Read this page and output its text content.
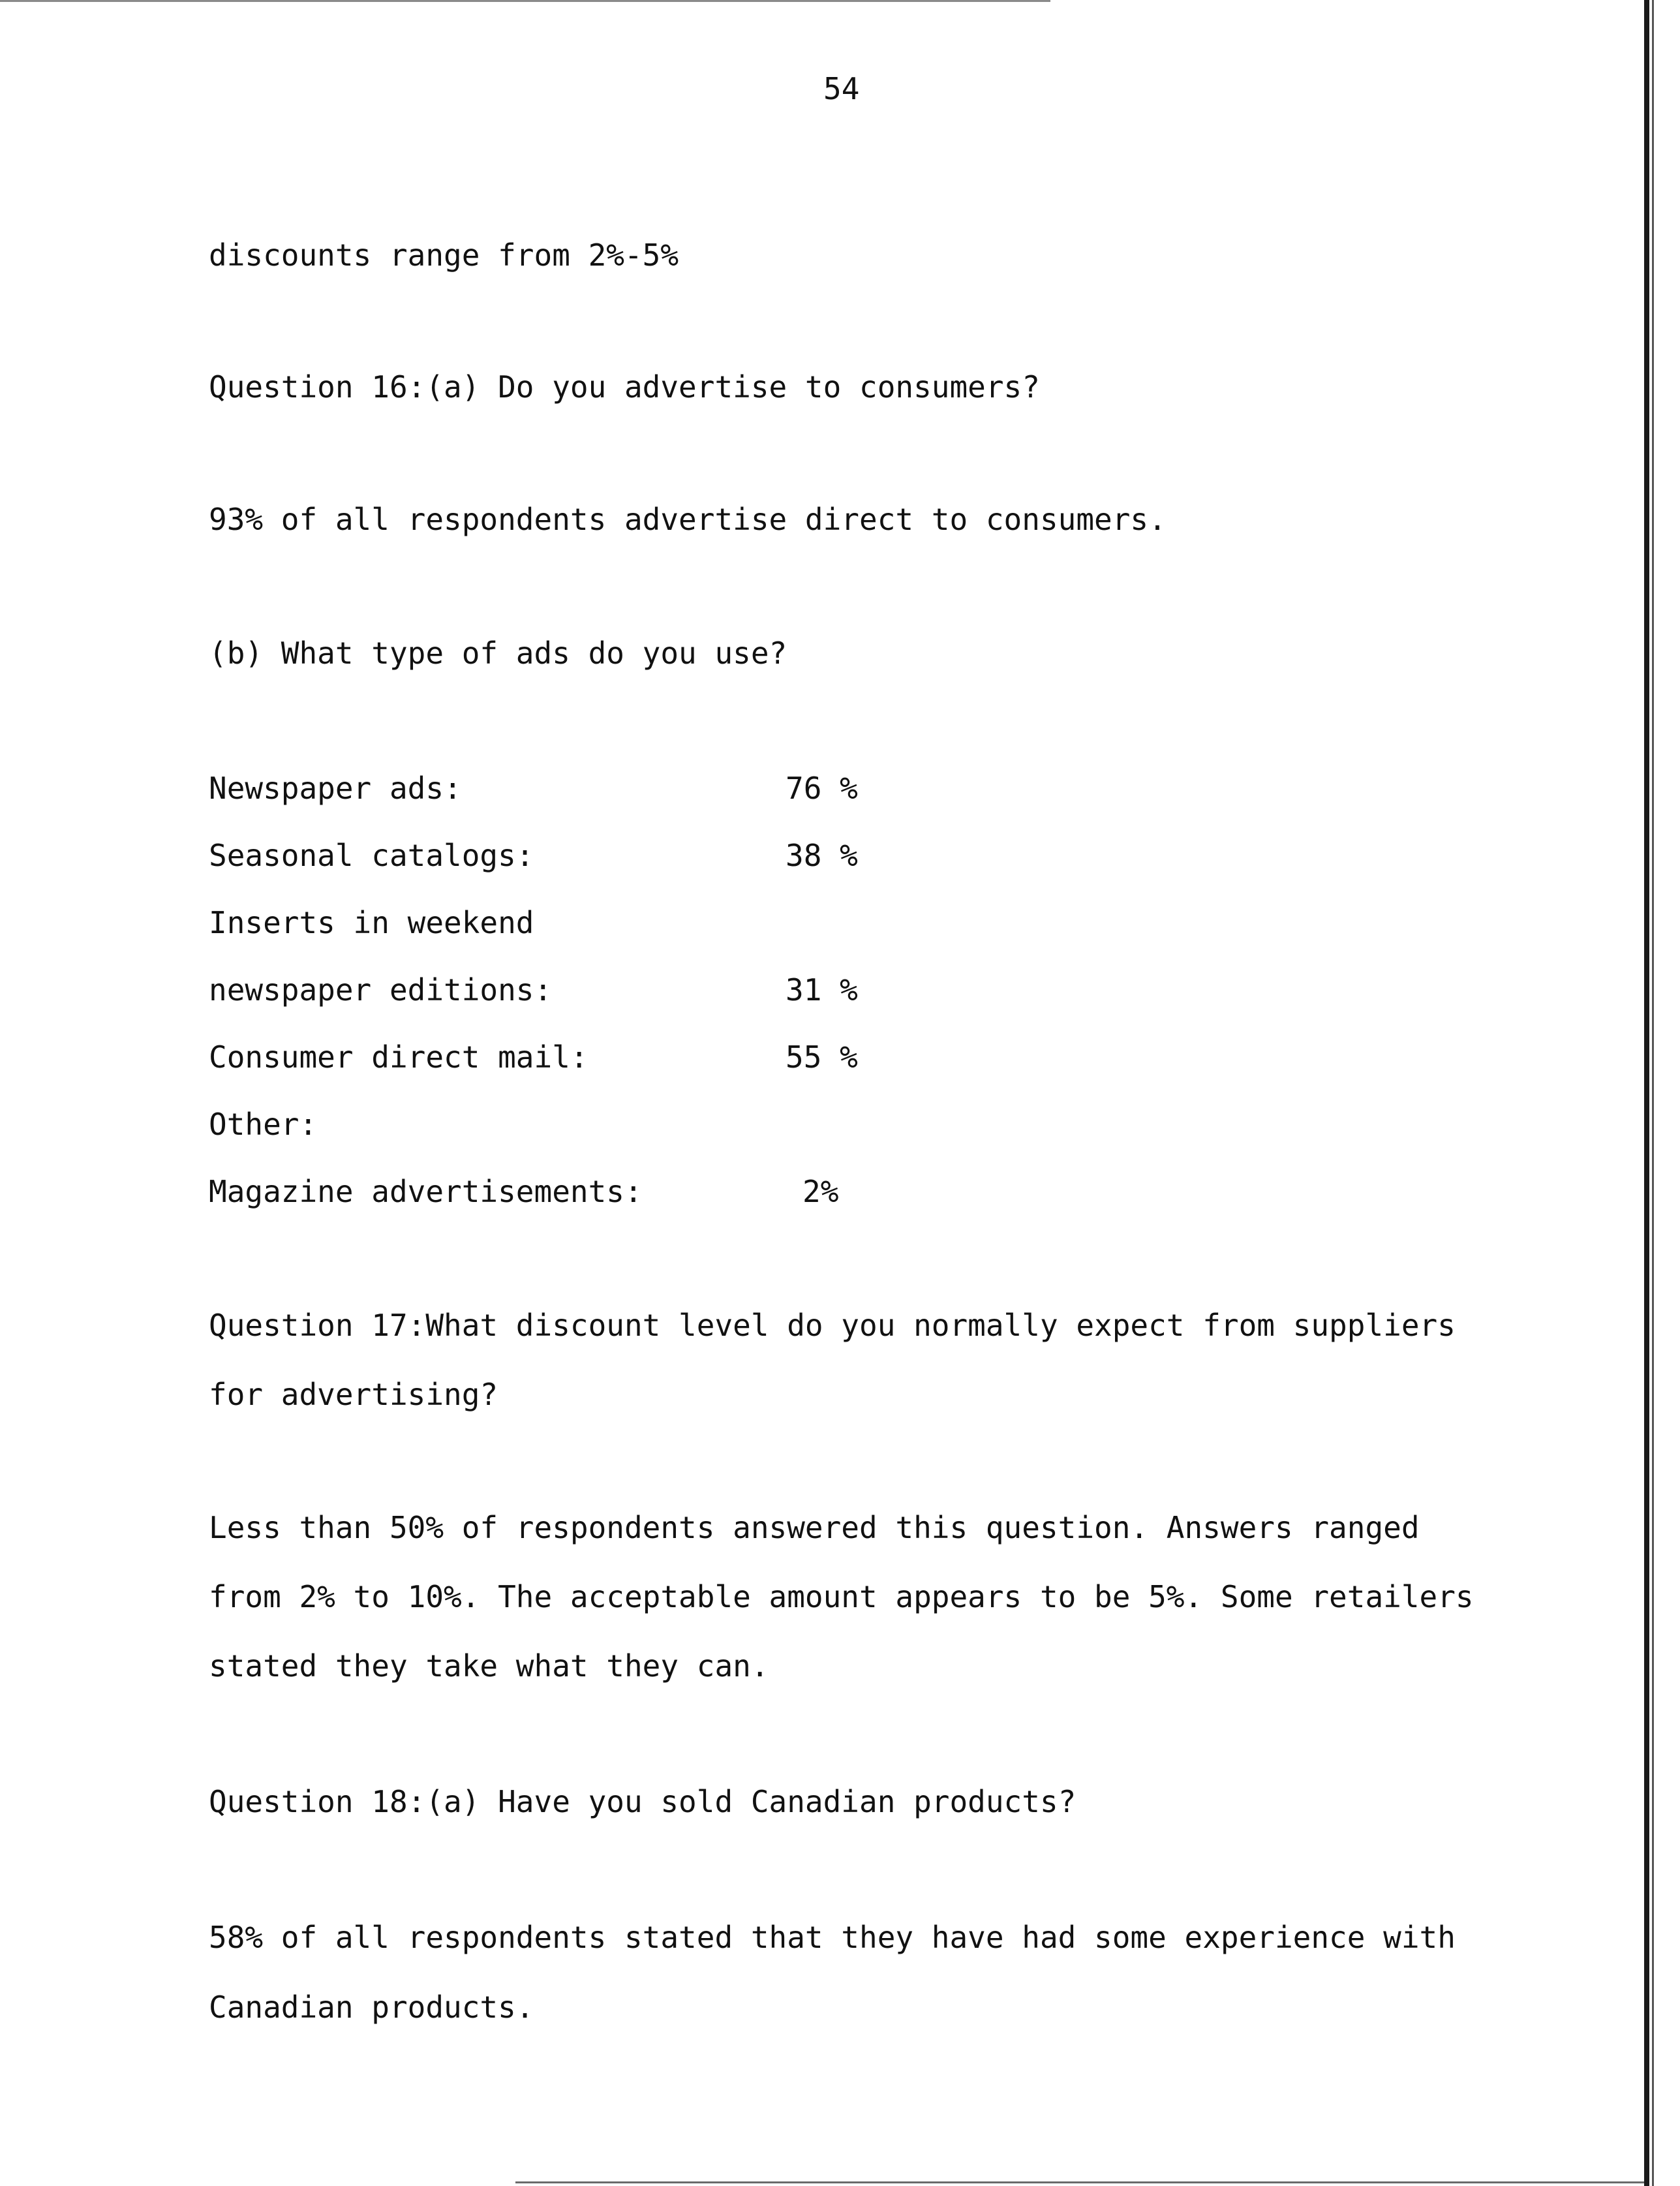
54
discounts range from 2%-5%
Question 16:(a) Do you advertise to consumers?
93% of all respondents advertise direct to consumers.
(b) What type of ads do you use?

Newspaper ads:

	76 %

Seasonal catalogs:

	38 %

Inserts in weekend

newspaper editions:

	31 %

Consumer direct mail:

	55 %

Other:

Magazine advertisements:

	2%

Question 17:What discount level do you normally expect from suppliers
for advertising?
Less than 50% of respondents answered this question. Answers ranged
from 2% to 10%. The acceptable amount appears to be 5%. Some retailers
stated they take what they can.
Question 18:(a) Have you sold Canadian products?
58% of all respondents stated that they have had some experience with
Canadian products.
